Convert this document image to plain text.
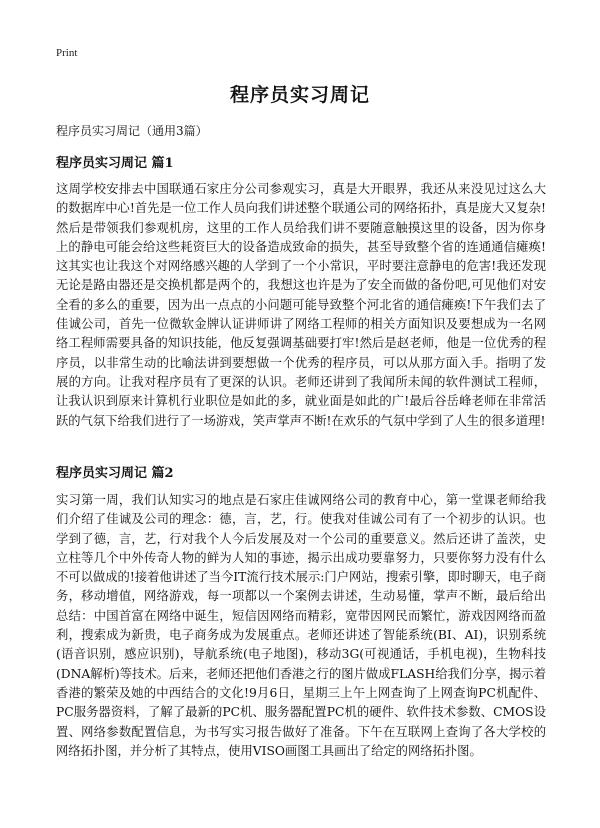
Print
程序员实习周记
程序员实习周记（通用3篇）
程序员实习周记 篇1

这周学校安排去中国联通石家庄分公司参观实习，真是大开眼界，我还从来没见过这么大的数据库中心!首先是一位工作人员向我们讲述整个联通公司的网络拓扑，真是庞大又复杂!然后是带领我们参观机房，这里的工作人员给我们讲不要随意触摸这里的设备，因为你身上的静电可能会给这些耗资巨大的设备造成致命的损失，甚至导致整个省的连通通信瘫痪!这其实也让我这个对网络感兴趣的人学到了一个小常识，平时要注意静电的危害!我还发现无论是路由器还是交换机都是两个的，我想这也许是为了安全而做的备份吧,可见他们对安全看的多么的重要，因为出一点点的小问题可能导致整个河北省的通信瘫痪!下午我们去了佳诚公司，首先一位微软金牌认证讲师讲了网络工程师的相关方面知识及要想成为一名网络工程师需要具备的知识技能，他反复强调基础要打牢!然后是赵老师，他是一位优秀的程序员，以非常生动的比喻法讲到要想做一个优秀的程序员，可以从那方面入手。指明了发展的方向。让我对程序员有了更深的认识。老师还讲到了我闻所未闻的软件测试工程师，让我认识到原来计算机行业职位是如此的多，就业面是如此的广!最后谷岳峰老师在非常活跃的气氛下给我们进行了一场游戏，笑声掌声不断!在欢乐的气氛中学到了人生的很多道理!

程序员实习周记 篇2

实习第一周，我们认知实习的地点是石家庄佳诚网络公司的教育中心，第一堂课老师给我们介绍了佳诚及公司的理念：德，言，艺，行。使我对佳诚公司有了一个初步的认识。也学到了德，言，艺，行对我个人今后发展及对一个公司的重要意义。然后还讲了盖茨，史立柱等几个中外传奇人物的鲜为人知的事迹，揭示出成功要靠努力，只要你努力没有什么不可以做成的!接着他讲述了当今IT流行技术展示:门户网站，搜索引擎，即时聊天，电子商务，移动增值，网络游戏，每一项都以一个案例去讲述，生动易懂，掌声不断，最后给出总结：中国首富在网络中诞生，短信因网络而精彩，宽带因网民而繁忙，游戏因网络而盈利，搜索成为新贵，电子商务成为发展重点。老师还讲述了智能系统(BI、AI)，识别系统(语音识别，感应识别)，导航系统(电子地图)，移动3G(可视通话，手机电视)，生物科技(DNA解析)等技术。后来，老师还把他们香港之行的图片做成FLASH给我们分享，揭示着香港的繁荣及她的中西结合的文化!9月6日，星期三上午上网查询了上网查询PC机配件、PC服务器资料，了解了最新的PC机、服务器配置PC机的硬件、软件技术参数、CMOS设置、网络参数配置信息，为书写实习报告做好了准备。下午在互联网上查询了各大学校的网络拓扑图，并分析了其特点，使用VISO画图工具画出了给定的网络拓扑图。
